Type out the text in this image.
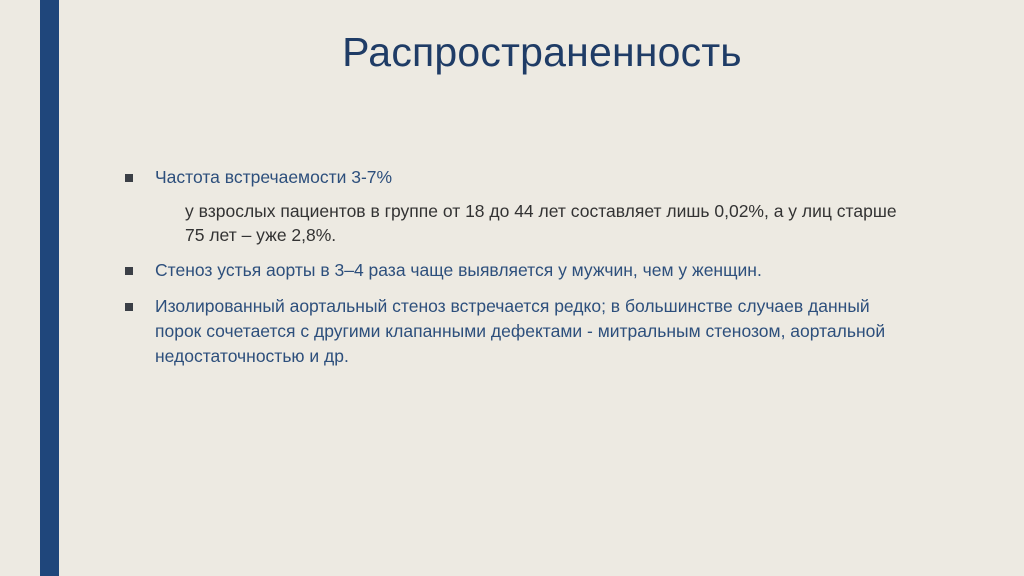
Распространенность
Частота встречаемости 3-7%
у взрослых пациентов в группе от 18 до 44 лет составляет лишь 0,02%, а у лиц старше 75 лет – уже 2,8%.
Стеноз устья аорты в 3–4 раза чаще выявляется у мужчин, чем у женщин.
Изолированный аортальный стеноз встречается редко; в большинстве случаев данный порок сочетается с другими клапанными дефектами - митральным стенозом, аортальной недостаточностью и др.
